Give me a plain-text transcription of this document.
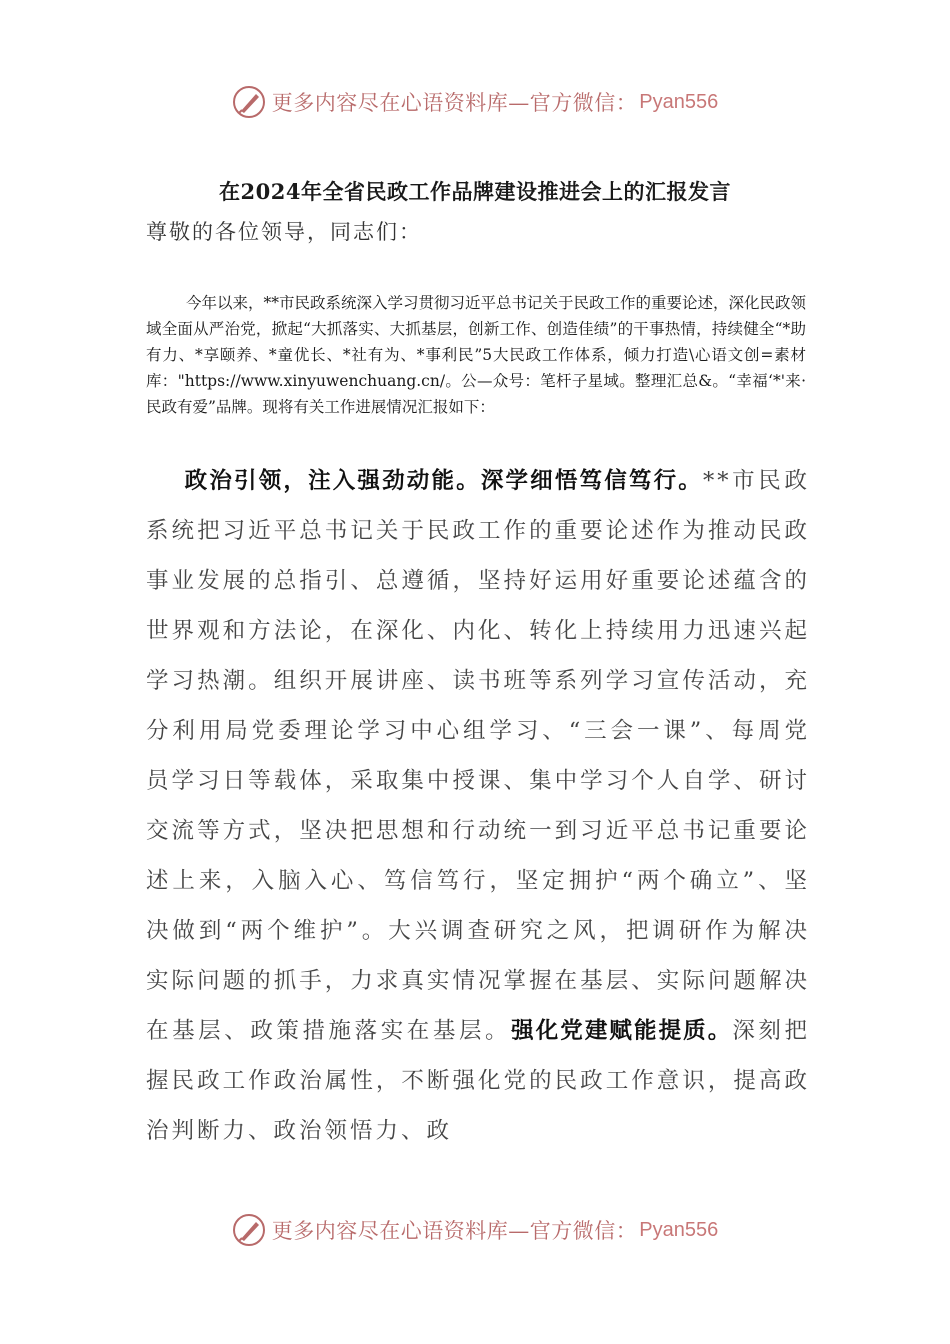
更多内容尽在心语资料库—官方微信： Pyan556
在2024年全省民政工作品牌建设推进会上的汇报发言
尊敬的各位领导，同志们：
今年以来，**市民政系统深入学习贯彻习近平总书记关于民政工作的重要论述，深化民政领域全面从严治党，掀起“大抓落实、大抓基层，创新工作、创造佳绩”的干事热情，持续健全“*助有力、*享颐养、*童优长、*社有为、*事利民”5大民政工作体系，倾力打造\心语文创=素材库："https://www.xinyuwenchuang.cn/。公—众号：笔杆子星域。整理汇总&。“幸福‘*'来·民政有爱”品牌。现将有关工作进展情况汇报如下：
政治引领，注入强劲动能。深学细悟笃信笃行。**市民政系统把习近平总书记关于民政工作的重要论述作为推动民政事业发展的总指引、总遵循，坚持好运用好重要论述蕴含的世界观和方法论，在深化、内化、转化上持续用力迅速兴起学习热潮。组织开展讲座、读书班等系列学习宣传活动，充分利用局党委理论学习中心组学习、“三会一课”、每周党员学习日等载体，采取集中授课、集中学习个人自学、研讨交流等方式，坚决把思想和行动统一到习近平总书记重要论述上来，入脑入心、笃信笃行，坚定拥护“两个确立”、坚决做到“两个维护”。大兴调查研究之风，把调研作为解决实际问题的抓手，力求真实情况掌握在基层、实际问题解决在基层、政策措施落实在基层。强化党建赋能提质。深刻把握民政工作政治属性，不断强化党的民政工作意识，提高政治判断力、政治领悟力、政
更多内容尽在心语资料库—官方微信： Pyan556
